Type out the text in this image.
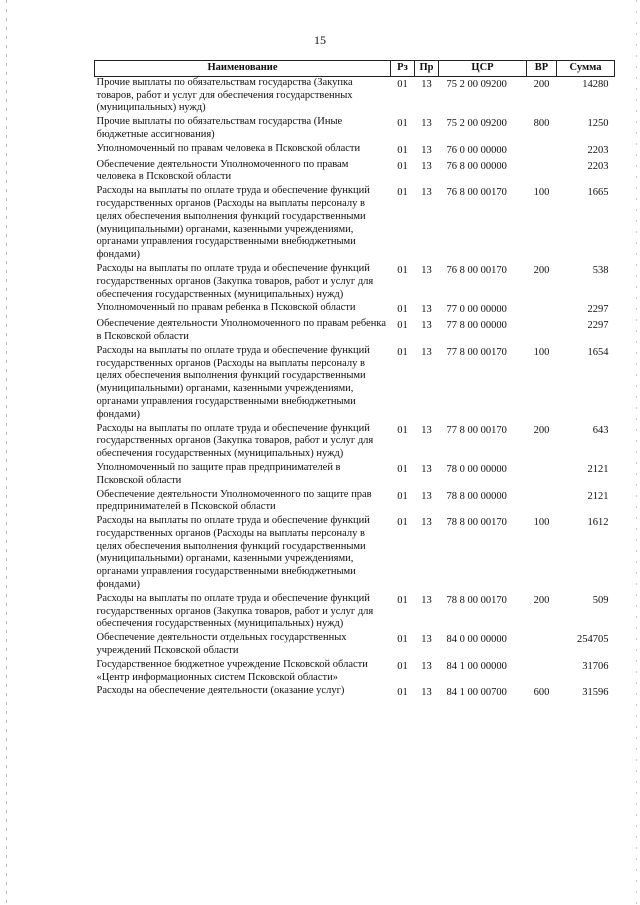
15
Наименование	Рз	Пр	ЦСР	ВР	Сумма
Прочие выплаты по обязательствам государства (Закупка товаров, работ и услуг для обеспечения государственных (муниципальных) нужд)	01	13	75 2 00 09200	200	14280
Прочие выплаты по обязательствам государства (Иные бюджетные ассигнования)	01	13	75 2 00 09200	800	1250
Уполномоченный по правам человека в Псковской области	01	13	76 0 00 00000		2203
Обеспечение деятельности Уполномоченного по правам человека в Псковской области	01	13	76 8 00 00000		2203
Расходы на выплаты по оплате труда и обеспечение функций государственных органов (Расходы на выплаты персоналу в целях обеспечения выполнения функций государственными (муниципальными) органами, казенными учреждениями, органами управления государственными внебюджетными фондами)	01	13	76 8 00 00170	100	1665
Расходы на выплаты по оплате труда и обеспечение функций государственных органов (Закупка товаров, работ и услуг для обеспечения государственных (муниципальных) нужд)	01	13	76 8 00 00170	200	538
Уполномоченный по правам ребенка в Псковской области	01	13	77 0 00 00000		2297
Обеспечение деятельности Уполномоченного по правам ребенка в Псковской области	01	13	77 8 00 00000		2297
Расходы на выплаты по оплате труда и обеспечение функций государственных органов (Расходы на выплаты персоналу в целях обеспечения выполнения функций государственными (муниципальными) органами, казенными учреждениями, органами управления государственными внебюджетными фондами)	01	13	77 8 00 00170	100	1654
Расходы на выплаты по оплате труда и обеспечение функций государственных органов (Закупка товаров, работ и услуг для обеспечения государственных (муниципальных) нужд)	01	13	77 8 00 00170	200	643
Уполномоченный по защите прав предпринимателей в Псковской области	01	13	78 0 00 00000		2121
Обеспечение деятельности Уполномоченного по защите прав предпринимателей в Псковской области	01	13	78 8 00 00000		2121
Расходы на выплаты по оплате труда и обеспечение функций государственных органов (Расходы на выплаты персоналу в целях обеспечения выполнения функций государственными (муниципальными) органами, казенными учреждениями, органами управления государственными внебюджетными фондами)	01	13	78 8 00 00170	100	1612
Расходы на выплаты по оплате труда и обеспечение функций государственных органов (Закупка товаров, работ и услуг для обеспечения государственных (муниципальных) нужд)	01	13	78 8 00 00170	200	509
Обеспечение деятельности отдельных государственных учреждений Псковской области	01	13	84 0 00 00000		254705
Государственное бюджетное учреждение Псковской области «Центр информационных систем Псковской области»	01	13	84 1 00 00000		31706
Расходы на обеспечение деятельности (оказание услуг)	01	13	84 1 00 00700	600	31596
